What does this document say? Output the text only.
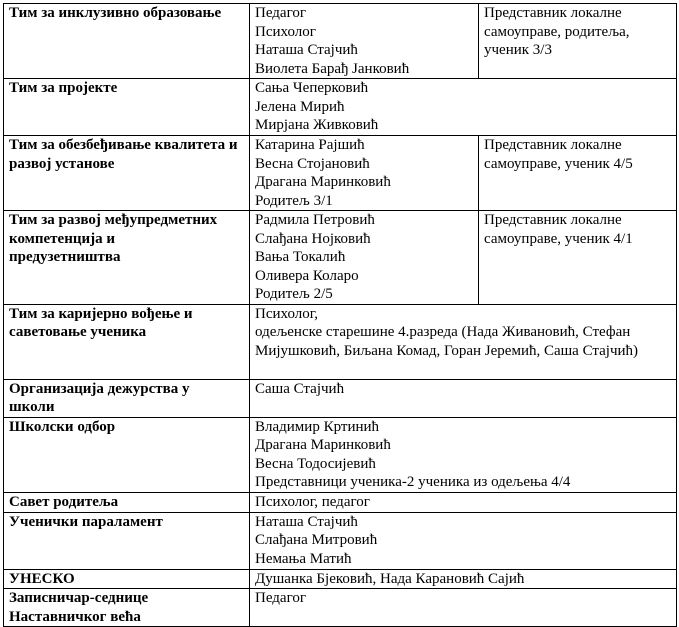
Тим за инклузивно образовање	Педагог
Психолог
Наташа Стајчић
Виолета Барађ Јанковић	Представник локалне самоуправе, родитеља, ученик 3/3

Тим за пројекте	Сања Чеперковић
Јелена Мирић
Мирјана Живковић	

Тим за обезбеђивање квалитета и развој установе	Катарина Рајшић
Весна Стојановић
Драгана Маринковић
Родитељ 3/1	Представник локалне самоуправе, ученик 4/5

Тим за развој међупредметних компетенција и предузетништва	Радмила Петровић
Слађана Нојковић
Вања Токалић
Оливера Коларо
Родитељ 2/5	Представник локалне самоуправе, ученик 4/1

Тим за каријерно вођење и саветовање ученика	Психолог,
одељенске старешине 4.разреда (Нада Живановић, Стефан Мијушковић, Биљана Комад, Горан Јеремић, Саша Стајчић)	

Организација дежурства у школи	Саша Стајчић	

Школски одбор	Владимир Кртинић
Драгана Маринковић
Весна Тодосијевић
Представници ученика-2 ученика из одељења 4/4	

Савет родитеља	Психолог, педагог	

Ученички параламент	Наташа Стајчић
Слађана Митровић
Немања Матић	

УНЕСКО	Душанка Бјековић, Нада Карановић Сајић	

Записничар-седнице Наставничког већа	Педагог	
